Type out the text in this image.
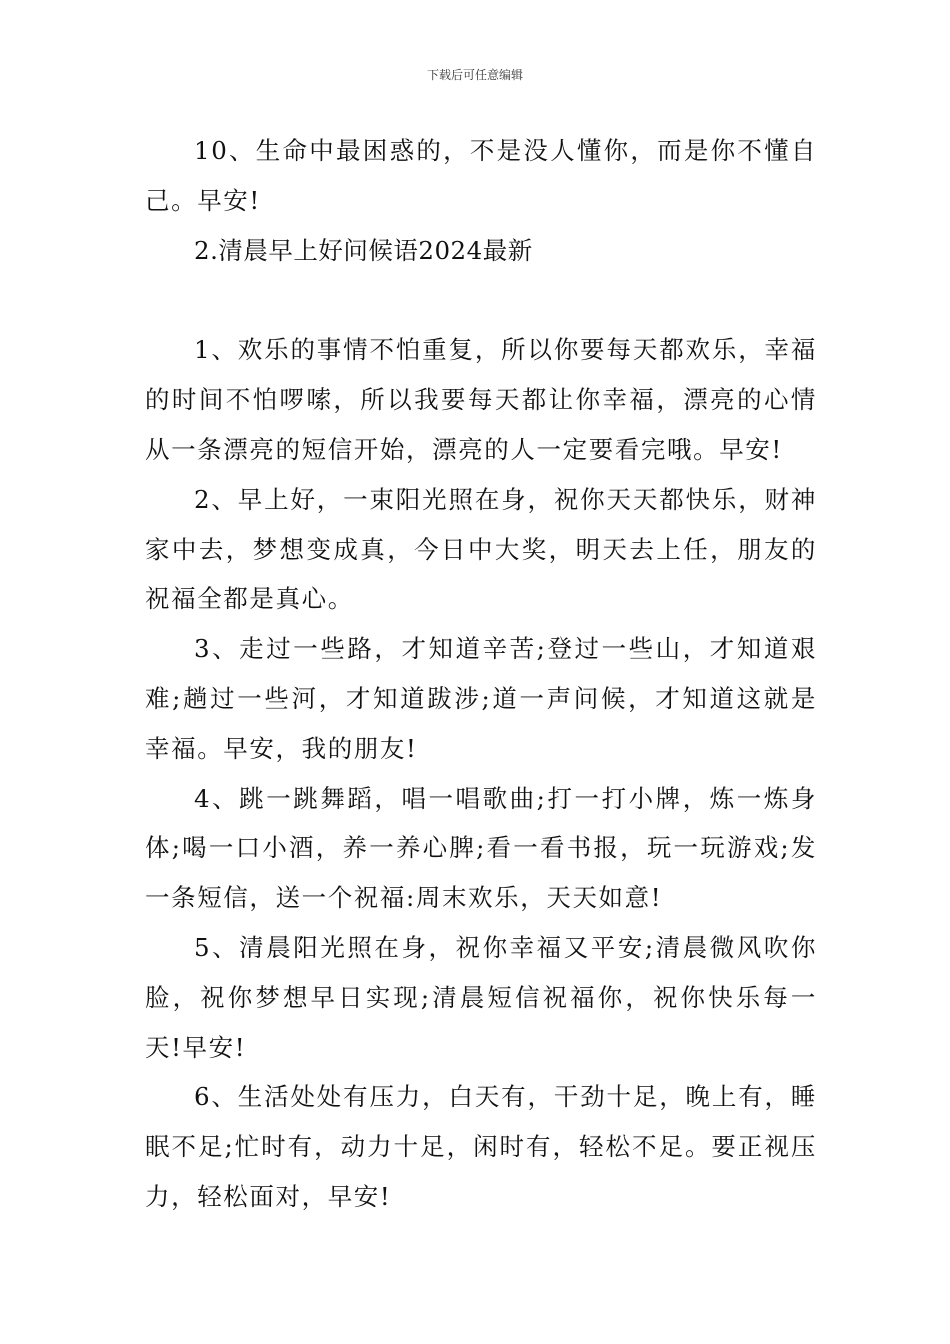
下载后可任意编辑

10、生命中最困惑的，不是没人懂你，而是你不懂自己。早安!

2.清晨早上好问候语2024最新

1、欢乐的事情不怕重复，所以你要每天都欢乐，幸福的时间不怕啰嗦，所以我要每天都让你幸福，漂亮的心情从一条漂亮的短信开始，漂亮的人一定要看完哦。早安!

2、早上好，一束阳光照在身，祝你天天都快乐，财神家中去，梦想变成真，今日中大奖，明天去上任，朋友的祝福全都是真心。

3、走过一些路，才知道辛苦;登过一些山，才知道艰难;趟过一些河，才知道跋涉;道一声问候，才知道这就是幸福。早安，我的朋友!

4、跳一跳舞蹈，唱一唱歌曲;打一打小牌，炼一炼身体;喝一口小酒，养一养心脾;看一看书报，玩一玩游戏;发一条短信，送一个祝福:周末欢乐，天天如意!

5、清晨阳光照在身，祝你幸福又平安;清晨微风吹你脸，祝你梦想早日实现;清晨短信祝福你，祝你快乐每一天!早安!

6、生活处处有压力，白天有，干劲十足，晚上有，睡眠不足;忙时有，动力十足，闲时有，轻松不足。要正视压力，轻松面对，早安!
